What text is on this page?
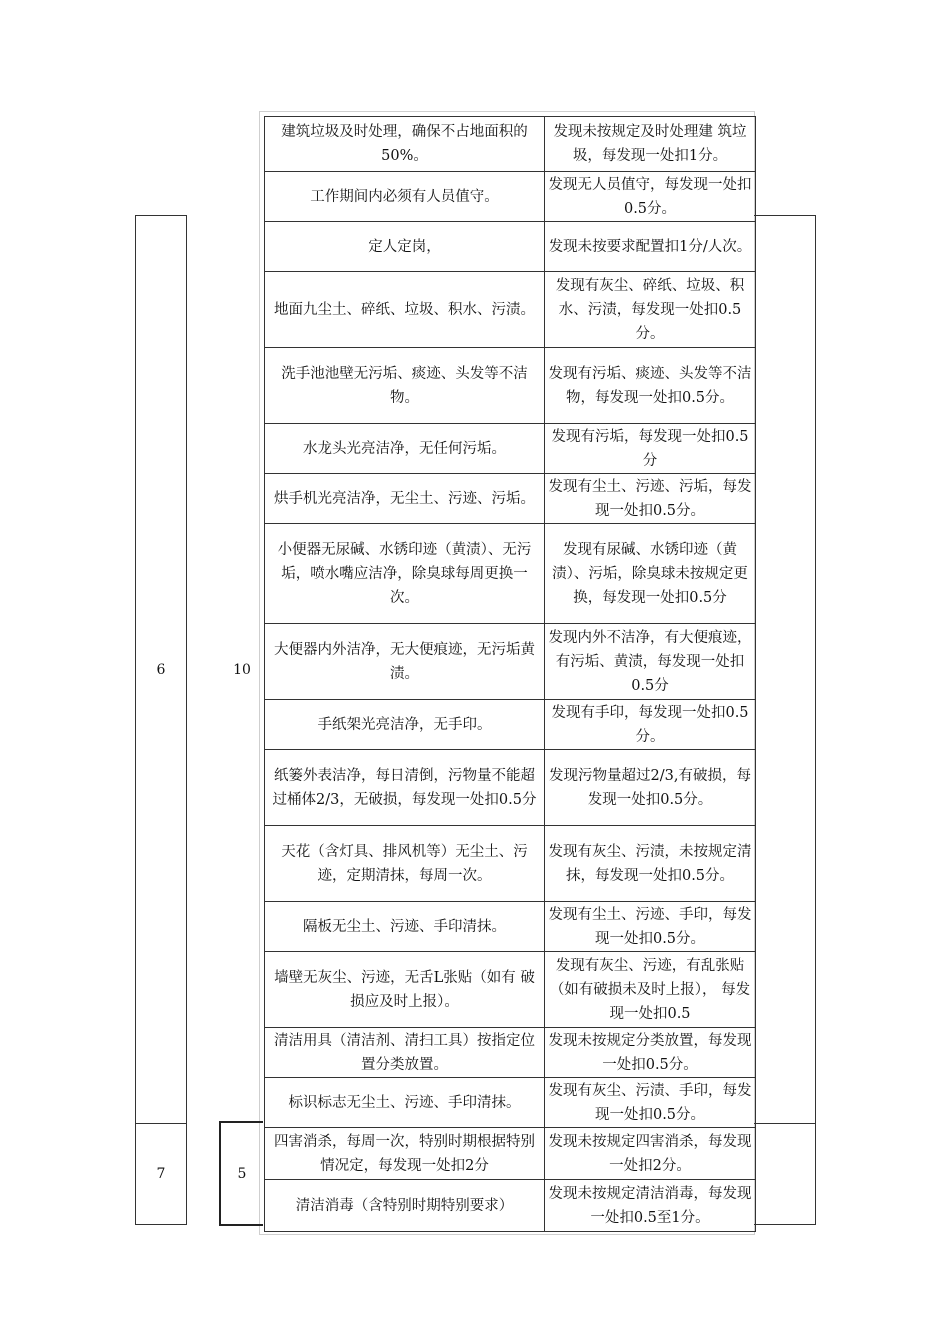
6	10
7	5
建筑垃圾及时处理，确保不占地面积的 50%。	发现未按规定及时处理建 筑垃圾，每发现一处扣1分。
工作期间内必须有人员值守。	发现无人员值守，每发现一处扣0.5分。
定人定岗，	发现未按要求配置扣1分/人次。
地面九尘土、碎纸、垃圾、积水、污渍。	发现有灰尘、碎纸、垃圾、积水、污渍，每发现一处扣0.5 分。
洗手池池壁无污垢、痰迹、头发等不洁物。	发现有污垢、痰迹、头发等不洁物，每发现一处扣0.5分。
水龙头光亮洁净，无任何污垢。	发现有污垢，每发现一处扣0.5分
烘手机光亮洁净，无尘土、污迹、污垢。	发现有尘土、污迹、污垢，每发现一处扣0.5分。
小便器无尿碱、水锈印迹（黄渍）、无污垢，喷水嘴应洁净，除臭球每周更换一次。	发现有尿碱、水锈印迹（黄渍）、污垢，除臭球未按规定更换，每发现一处扣0.5分
大便器内外洁净，无大便痕迹，无污垢黄渍。	发现内外不洁净，有大便痕迹，有污垢、黄渍，每发现一处扣0.5分
手纸架光亮洁净，无手印。	发现有手印，每发现一处扣0.5 分。
纸篓外表洁净，每日清倒，污物量不能超过桶体2/3，无破损，每发现一处扣0.5分	发现污物量超过2/3,有破损，每发现一处扣0.5分。
天花（含灯具、排风机等）无尘土、污迹，定期清抹，每周一次。	发现有灰尘、污渍，未按规定清抹，每发现一处扣0.5分。
隔板无尘土、污迹、手印清抹。	发现有尘土、污迹、手印，每发现一处扣0.5分。
墙壁无灰尘、污迹，无舌L张贴（如有 破损应及时上报）。	发现有灰尘、污迹，有乱张贴（如有破损未及时上报）， 每发现一处扣0.5
清洁用具（清洁剂、清扫工具）按指定位置分类放置。	发现未按规定分类放置，每发现一处扣0.5分。
标识标志无尘土、污迹、手印清抹。	发现有灰尘、污渍、手印，每发现一处扣0.5分。
四害消杀，每周一次，特别时期根据特别情况定，每发现一处扣2分	发现未按规定四害消杀，每发现一处扣2分。
清洁消毒（含特别时期特别要求）	发现未按规定清洁消毒，每发现一处扣0.5至1分。
